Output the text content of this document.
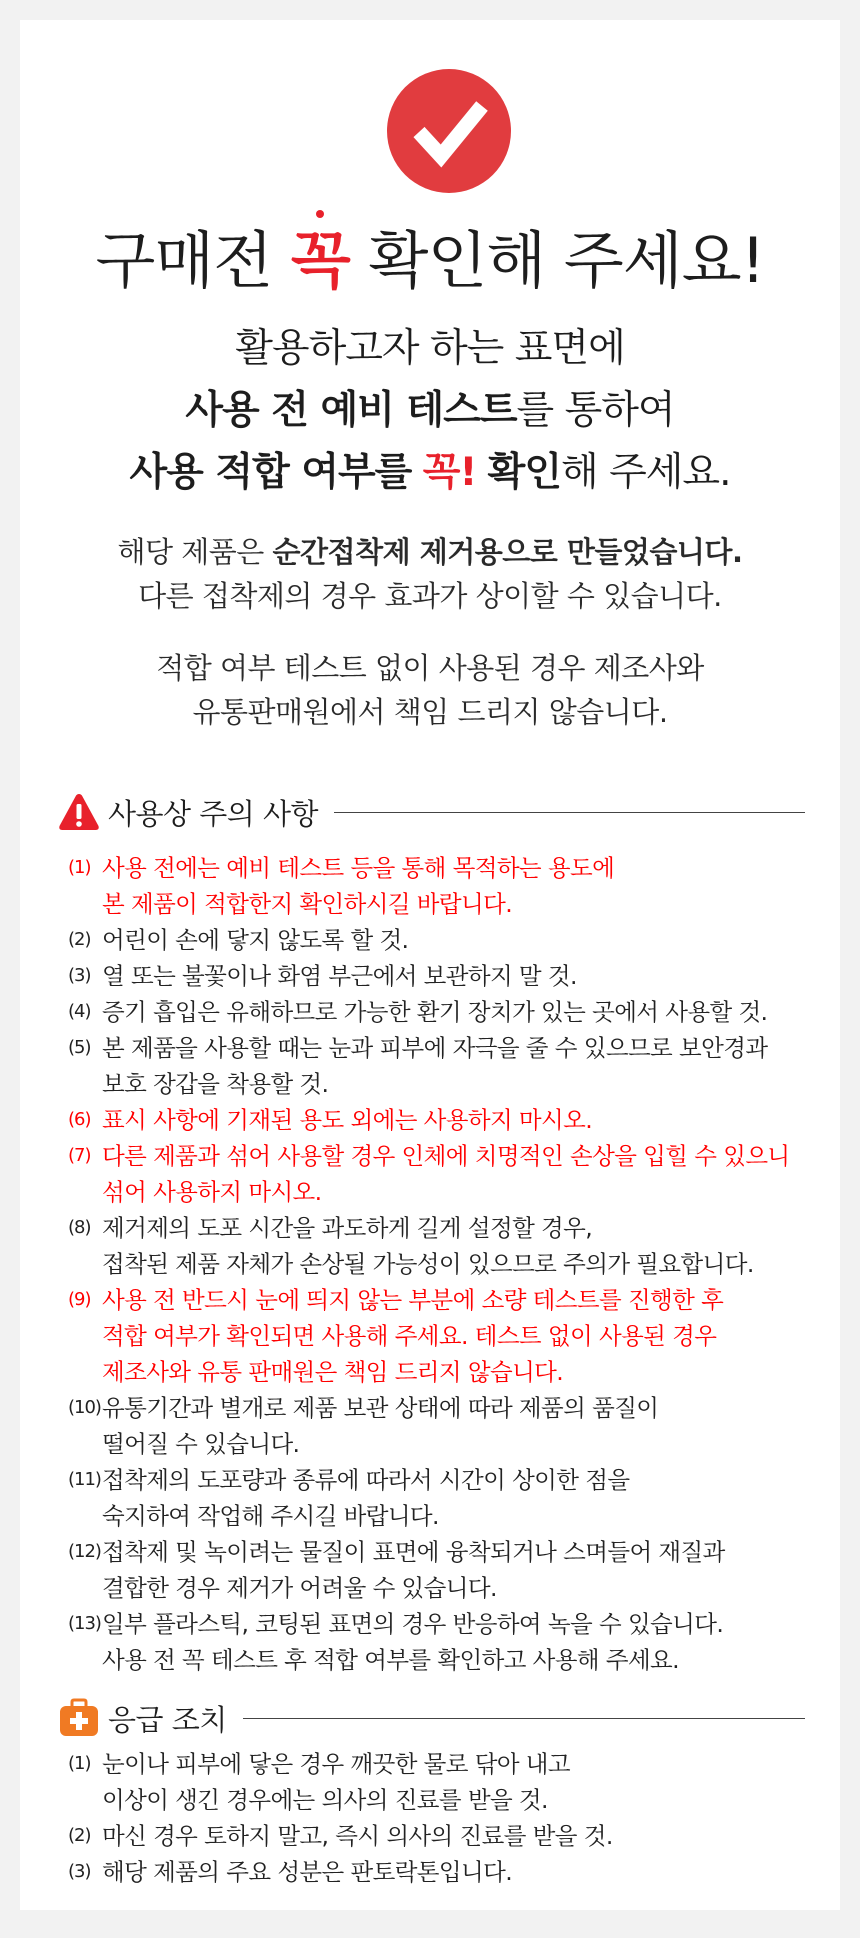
구매전 꼭 확인해 주세요!
활용하고자 하는 표면에
사용 전 예비 테스트를 통하여
사용 적합 여부를 꼭! 확인해 주세요.
해당 제품은 순간접착제 제거용으로 만들었습니다.
다른 접착제의 경우 효과가 상이할 수 있습니다.
적합 여부 테스트 없이 사용된 경우 제조사와
유통판매원에서 책임 드리지 않습니다.
사용상 주의 사항
(1) 사용 전에는 예비 테스트 등을 통해 목적하는 용도에
본 제품이 적합한지 확인하시길 바랍니다.
(2) 어린이 손에 닿지 않도록 할 것.
(3) 열 또는 불꽃이나 화염 부근에서 보관하지 말 것.
(4) 증기 흡입은 유해하므로 가능한 환기 장치가 있는 곳에서 사용할 것.
(5) 본 제품을 사용할 때는 눈과 피부에 자극을 줄 수 있으므로 보안경과
보호 장갑을 착용할 것.
(6) 표시 사항에 기재된 용도 외에는 사용하지 마시오.
(7) 다른 제품과 섞어 사용할 경우 인체에 치명적인 손상을 입힐 수 있으니
섞어 사용하지 마시오.
(8) 제거제의 도포 시간을 과도하게 길게 설정할 경우,
접착된 제품 자체가 손상될 가능성이 있으므로 주의가 필요합니다.
(9) 사용 전 반드시 눈에 띄지 않는 부분에 소량 테스트를 진행한 후
적합 여부가 확인되면 사용해 주세요. 테스트 없이 사용된 경우
제조사와 유통 판매원은 책임 드리지 않습니다.
(10) 유통기간과 별개로 제품 보관 상태에 따라 제품의 품질이
떨어질 수 있습니다.
(11) 접착제의 도포량과 종류에 따라서 시간이 상이한 점을
숙지하여 작업해 주시길 바랍니다.
(12) 접착제 및 녹이려는 물질이 표면에 융착되거나 스며들어 재질과
결합한 경우 제거가 어려울 수 있습니다.
(13) 일부 플라스틱, 코팅된 표면의 경우 반응하여 녹을 수 있습니다.
사용 전 꼭 테스트 후 적합 여부를 확인하고 사용해 주세요.
응급 조치
(1) 눈이나 피부에 닿은 경우 깨끗한 물로 닦아 내고
이상이 생긴 경우에는 의사의 진료를 받을 것.
(2) 마신 경우 토하지 말고, 즉시 의사의 진료를 받을 것.
(3) 해당 제품의 주요 성분은 판토락톤입니다.
